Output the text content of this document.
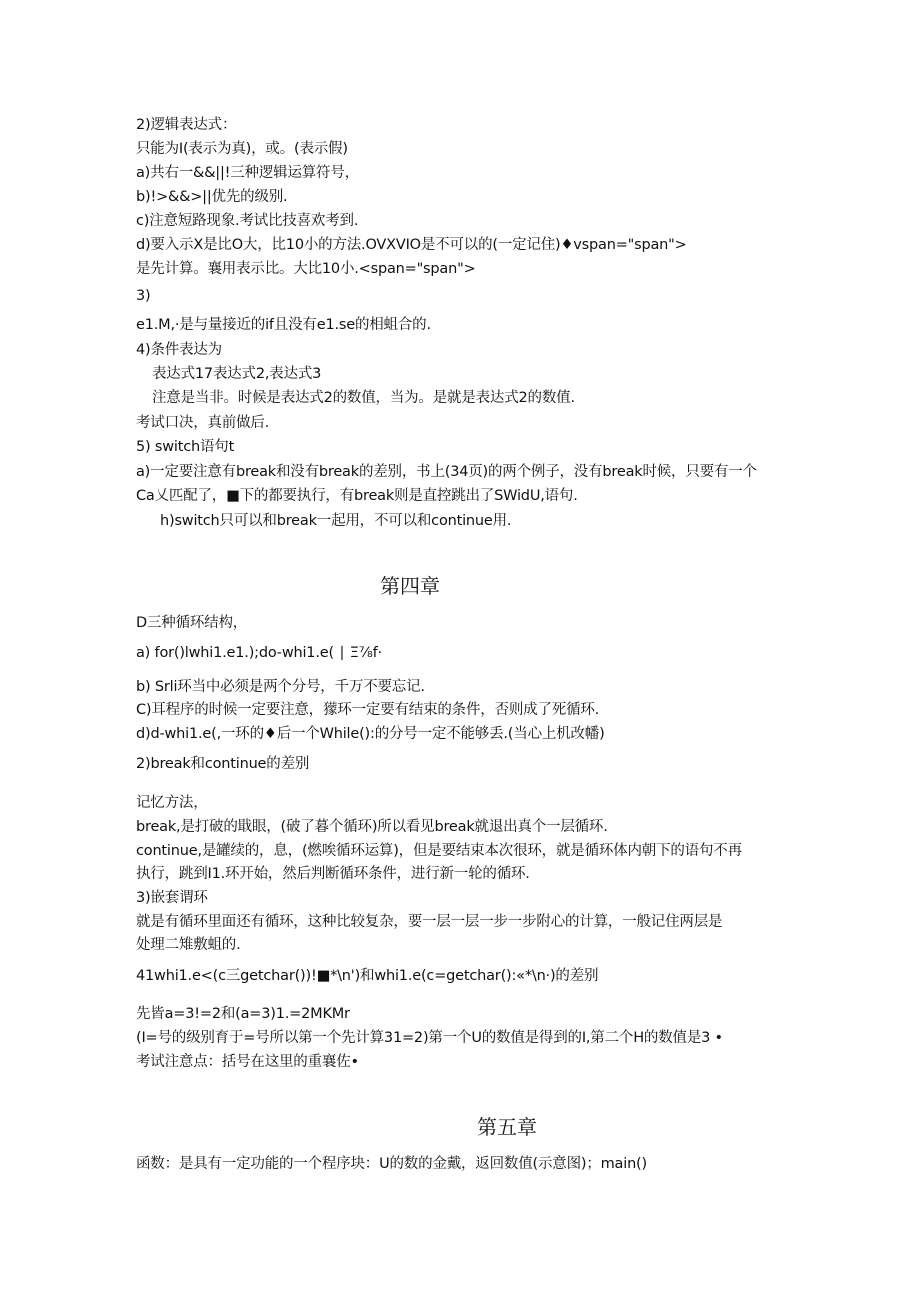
2)逻辑表达式：
只能为I(表示为真)，或。(表示假)
a)共右一&&||!三种逻辑运算符号，
b)!>&&>||优先的级别.
c)注意短路现象.考试比技喜欢考到.
d)要入示X是比O大，比10小的方法.OVXVIO是不可以的(一定记住)♦vspan="span">
是先计算。襄用表示比。大比10小.<span="span">
3)
e1.M,·是与量接近的if且没有e1.se的相蛆合的.
4)条件表达为
表达式17表达式2,表达式3
注意是当非。时候是表达式2的数值，当为。是就是表达式2的数值.
考试口决，真前做后.
5) switch语句t
a)一定要注意有break和没有break的差别，书上(34页)的两个例子，没有break时候，只要有一个
Ca乂匹配了，■下的都要执行，有break则是直控跳出了SWidU,语句.
h)switch只可以和break一起用，不可以和continue用.
第四章
D三种循环结构，
a) for()lwhi1.e1.);do-whi1.e( ∣ Ξ⅞f·
b) Srli环当中必须是两个分号，千万不要忘记.
C)耳程序的时候一定要注意，獴环一定要有结束的条件，否则成了死循环.
d)d-whi1.e(,一环的♦后一个While():的分号一定不能够丢.(当心上机改幡)
2)break和continue的差别
记忆方法，
break,是打破的戢眼，(破了暮个循环)所以看见break就退出真个一层循环.
continue,是罐续的，息，(燃唉循环运算)，但是要结束本次很环，就是循环体内朝下的语句不再
执行，跳到I1.环开始，然后判断循环条件，进行新一轮的循环.
3)嵌套谓环
就是有循环里面还有循环，这种比较复杂，要一层一层一步一步附心的计算，一般记住两层是
处理二雉敷蛆的.
41whi1.e<(c三getchar())!■*\n')和whi1.e(c=getchar():«*\n·)的差别
先皆a=3!=2和(a=3)1.=2MKMr
(I=号的级别育于=号所以第一个先计算31=2)第一个U的数值是得到的I,第二个H的数值是3 •
考试注意点：括号在这里的重襄佐•
第五章
函数：是具有一定功能的一个程序块：U的数的金戴，返回数值(示意图)；main()
